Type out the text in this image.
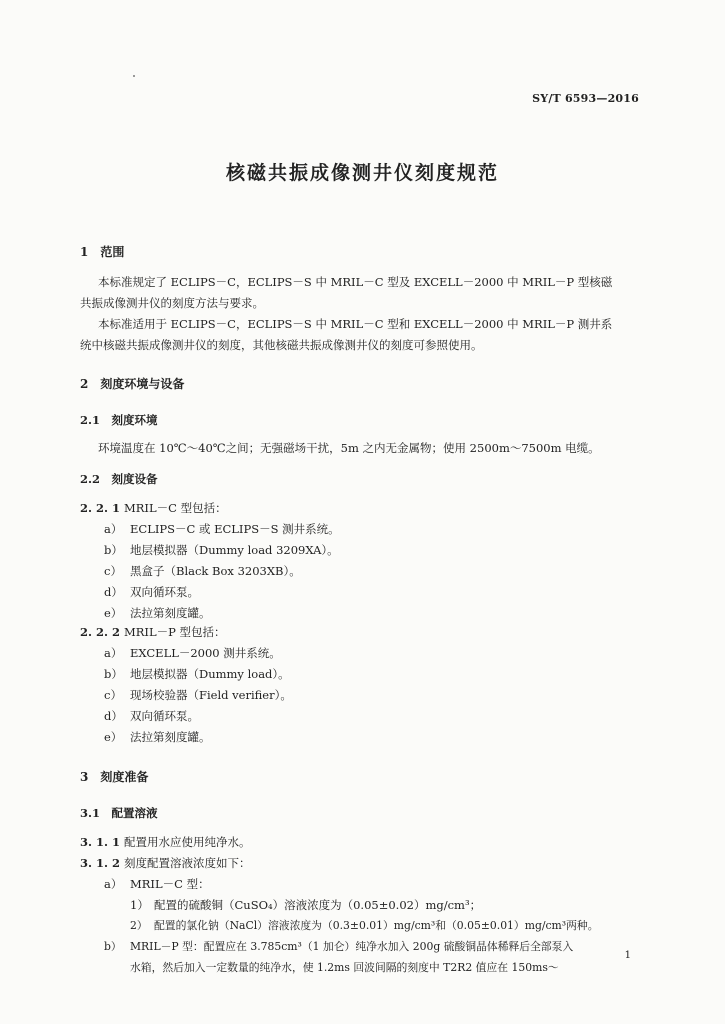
SY/T 6593—2016
核磁共振成像测井仪刻度规范
1　范围
本标准规定了 ECLIPS－C，ECLIPS－S 中 MRIL－C 型及 EXCELL－2000 中 MRIL－P 型核磁
共振成像测井仪的刻度方法与要求。
本标准适用于 ECLIPS－C，ECLIPS－S 中 MRIL－C 型和 EXCELL－2000 中 MRIL－P 测井系
统中核磁共振成像测井仪的刻度，其他核磁共振成像测井仪的刻度可参照使用。
2　刻度环境与设备
2.1　刻度环境
环境温度在 10℃～40℃之间；无强磁场干扰，5m 之内无金属物；使用 2500m～7500m 电缆。
2.2　刻度设备
2. 2. 1 MRIL－C 型包括：
a） ECLIPS－C 或 ECLIPS－S 测井系统。
b） 地层模拟器（Dummy load 3209XA）。
c） 黑盒子（Black Box 3203XB）。
d） 双向循环泵。
e） 法拉第刻度罐。
2. 2. 2 MRIL－P 型包括：
a） EXCELL－2000 测井系统。
b） 地层模拟器（Dummy load）。
c） 现场校验器（Field verifier）。
d） 双向循环泵。
e） 法拉第刻度罐。
3　刻度准备
3.1　配置溶液
3. 1. 1 配置用水应使用纯净水。
3. 1. 2 刻度配置溶液浓度如下：
a） MRIL－C 型：
1） 配置的硫酸铜（CuSO₄）溶液浓度为（0.05±0.02）mg/cm³；
2） 配置的氯化钠（NaCl）溶液浓度为（0.3±0.01）mg/cm³和（0.05±0.01）mg/cm³两种。
b） MRIL－P 型：配置应在 3.785cm³（1 加仑）纯净水加入 200g 硫酸铜晶体稀释后全部泵入
水箱，然后加入一定数量的纯净水，使 1.2ms 回波间隔的刻度中 T2R2 值应在 150ms～
1
